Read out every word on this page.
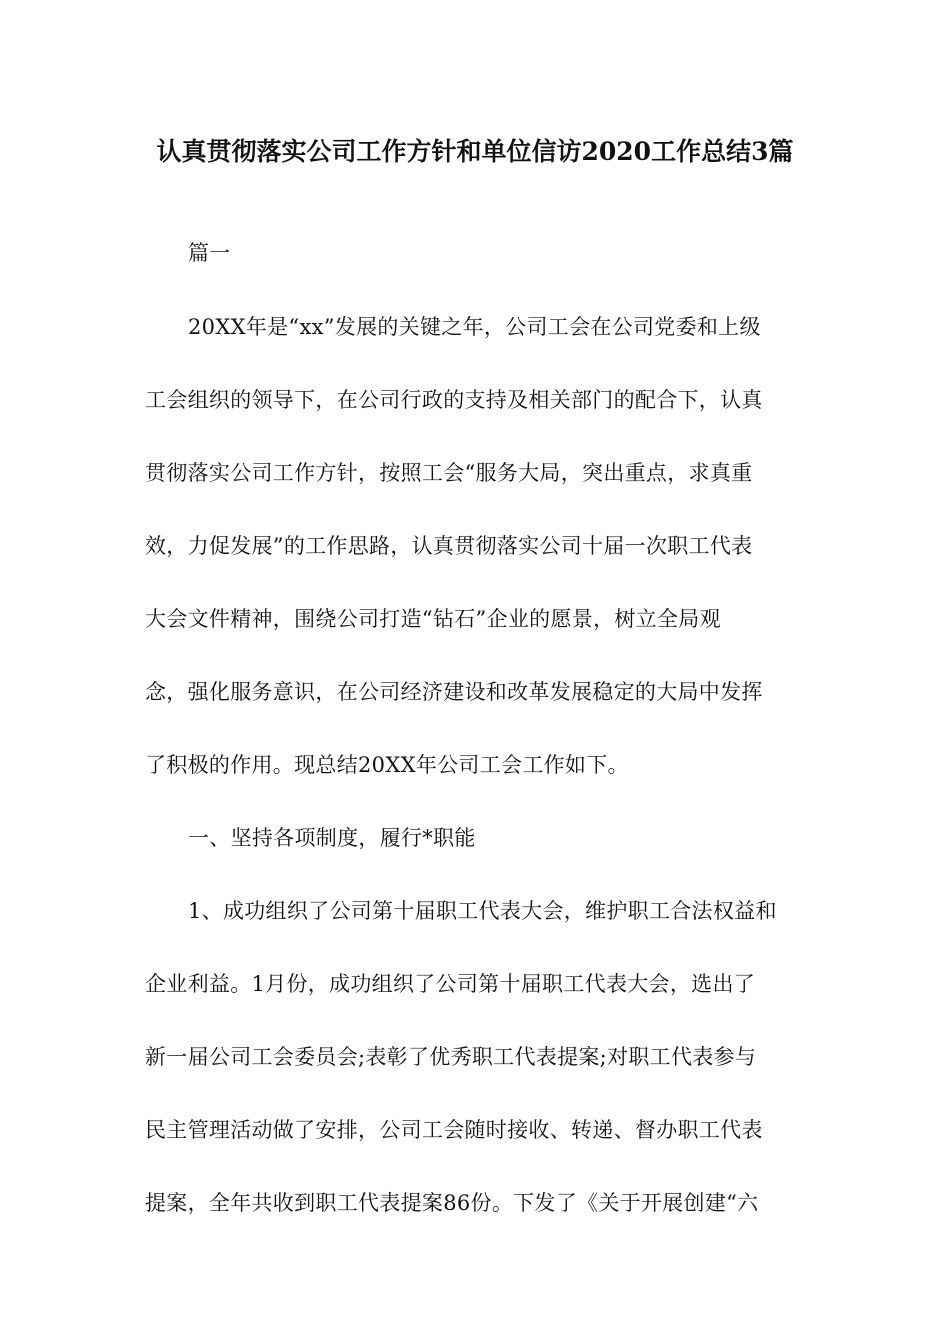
认真贯彻落实公司工作方针和单位信访2020工作总结3篇
篇一
20XX年是“xx”发展的关键之年，公司工会在公司党委和上级
工会组织的领导下，在公司行政的支持及相关部门的配合下，认真
贯彻落实公司工作方针，按照工会“服务大局，突出重点，求真重
效，力促发展”的工作思路，认真贯彻落实公司十届一次职工代表
大会文件精神，围绕公司打造“钻石”企业的愿景，树立全局观
念，强化服务意识，在公司经济建设和改革发展稳定的大局中发挥
了积极的作用。现总结20XX年公司工会工作如下。
一、坚持各项制度，履行*职能
1、成功组织了公司第十届职工代表大会，维护职工合法权益和
企业利益。1月份，成功组织了公司第十届职工代表大会，选出了
新一届公司工会委员会;表彰了优秀职工代表提案;对职工代表参与
民主管理活动做了安排，公司工会随时接收、转递、督办职工代表
提案，全年共收到职工代表提案86份。下发了《关于开展创建“六
